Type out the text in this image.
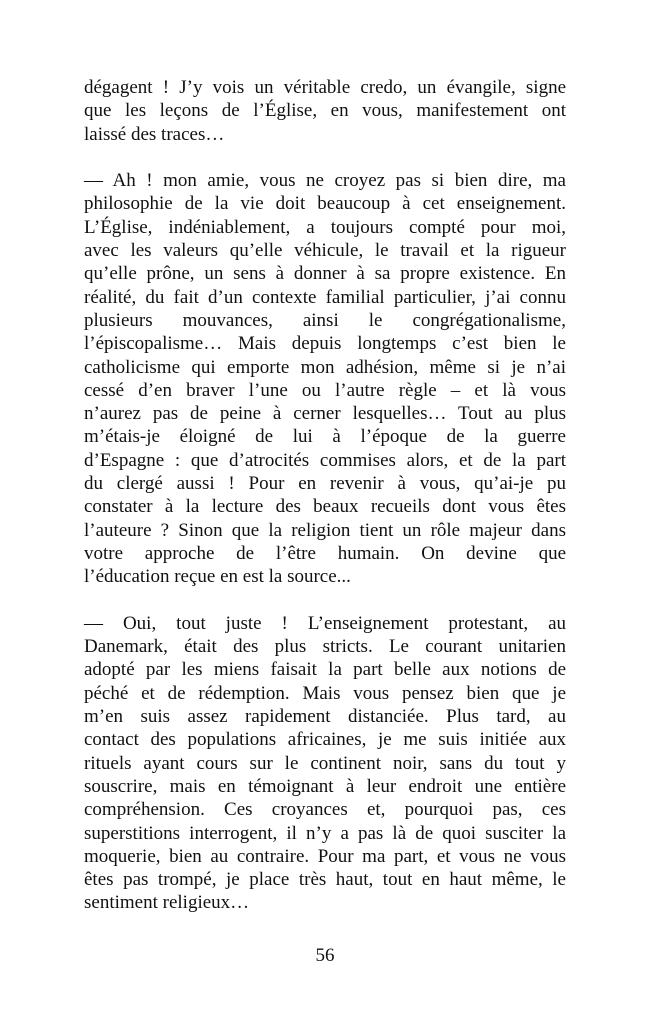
dégagent ! J’y vois un véritable credo, un évangile, signe
que les leçons de l’Église, en vous, manifestement ont
laissé des traces…
— Ah ! mon amie, vous ne croyez pas si bien dire, ma
philosophie de la vie doit beaucoup à cet enseignement.
L’Église, indéniablement, a toujours compté pour moi,
avec les valeurs qu’elle véhicule, le travail et la rigueur
qu’elle prône, un sens à donner à sa propre existence. En
réalité, du fait d’un contexte familial particulier, j’ai connu
plusieurs mouvances, ainsi le congrégationalisme,
l’épiscopalisme… Mais depuis longtemps c’est bien le
catholicisme qui emporte mon adhésion, même si je n’ai
cessé d’en braver l’une ou l’autre règle – et là vous
n’aurez pas de peine à cerner lesquelles… Tout au plus
m’étais-je éloigné de lui à l’époque de la guerre
d’Espagne : que d’atrocités commises alors, et de la part
du clergé aussi ! Pour en revenir à vous, qu’ai-je pu
constater à la lecture des beaux recueils dont vous êtes
l’auteure ? Sinon que la religion tient un rôle majeur dans
votre approche de l’être humain. On devine que
l’éducation reçue en est la source...
— Oui, tout juste ! L’enseignement protestant, au
Danemark, était des plus stricts. Le courant unitarien
adopté par les miens faisait la part belle aux notions de
péché et de rédemption. Mais vous pensez bien que je
m’en suis assez rapidement distanciée. Plus tard, au
contact des populations africaines, je me suis initiée aux
rituels ayant cours sur le continent noir, sans du tout y
souscrire, mais en témoignant à leur endroit une entière
compréhension. Ces croyances et, pourquoi pas, ces
superstitions interrogent, il n’y a pas là de quoi susciter la
moquerie, bien au contraire. Pour ma part, et vous ne vous
êtes pas trompé, je place très haut, tout en haut même, le
sentiment religieux…
56
